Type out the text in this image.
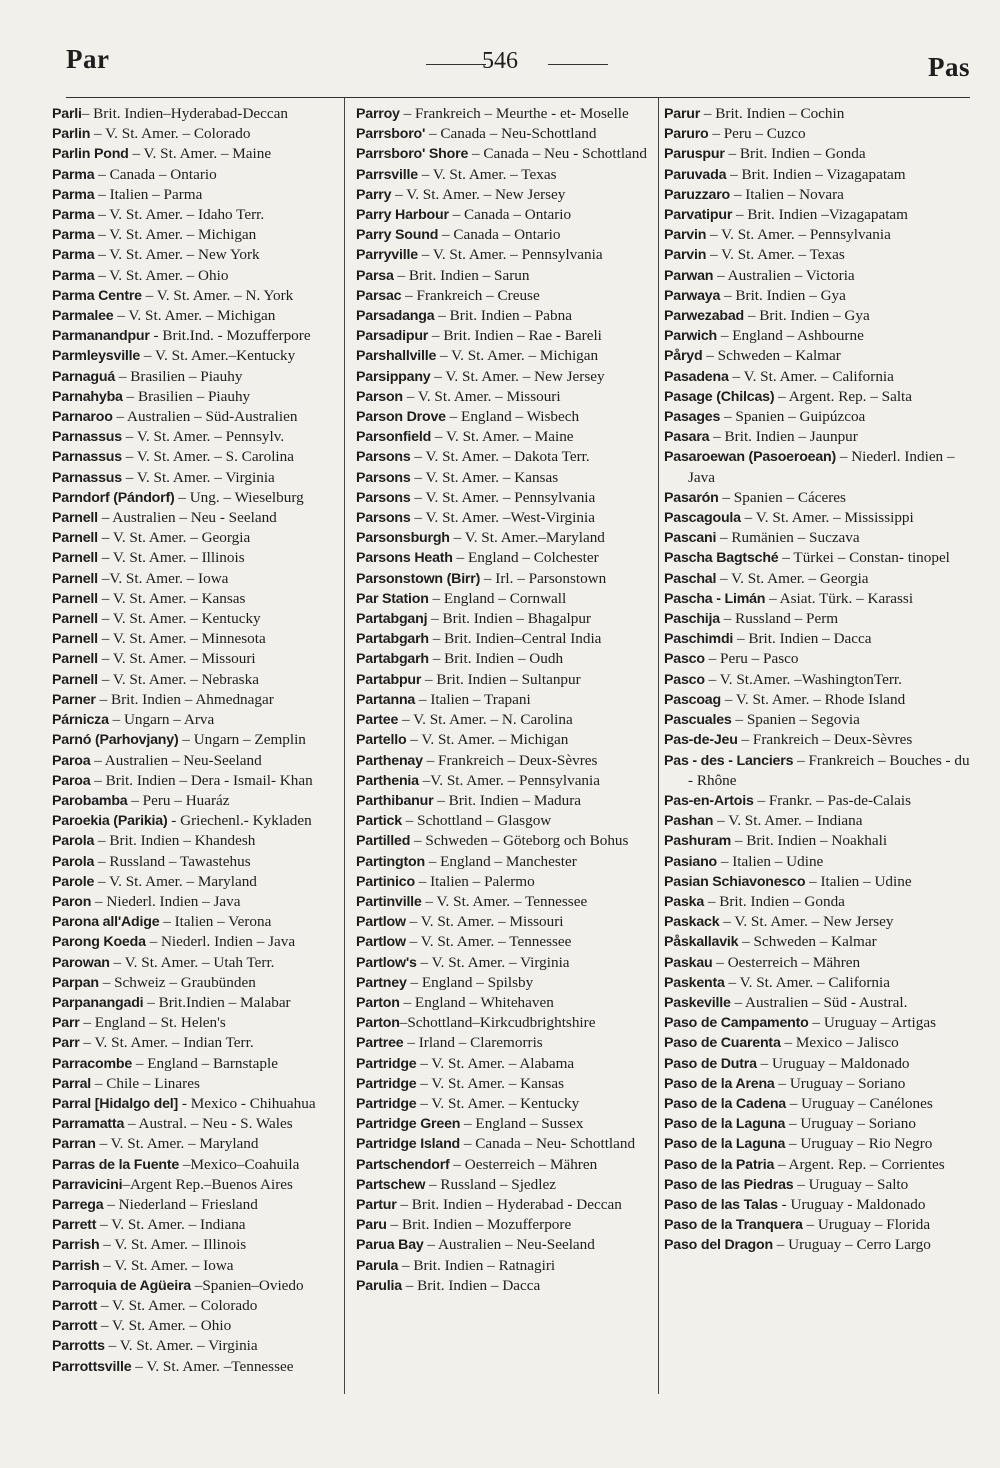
Par	546	Pas

Parli– Brit. Indien–Hyderabad-Deccan

Parlin – V. St. Amer. – Colorado

Parlin Pond – V. St. Amer. – Maine

Parma – Canada – Ontario

Parma – Italien – Parma

Parma – V. St. Amer. – Idaho Terr.

Parma – V. St. Amer. – Michigan

Parma – V. St. Amer. – New York

Parma – V. St. Amer. – Ohio

Parma Centre – V. St. Amer. – N. York

Parmalee – V. St. Amer. – Michigan

Parmanandpur - Brit.Ind. - Mozufferpore

Parmleysville – V. St. Amer.–Kentucky

Parnaguá – Brasilien – Piauhy

Parnahyba – Brasilien – Piauhy

Parnaroo – Australien – Süd-Australien

Parnassus – V. St. Amer. – Pennsylv.

Parnassus – V. St. Amer. – S. Carolina

Parnassus – V. St. Amer. – Virginia

Parndorf (Pándorf) – Ung. – Wieselburg

Parnell – Australien – Neu - Seeland

Parnell – V. St. Amer. – Georgia

Parnell – V. St. Amer. – Illinois

Parnell –V. St. Amer. – Iowa

Parnell – V. St. Amer. – Kansas

Parnell – V. St. Amer. – Kentucky

Parnell – V. St. Amer. – Minnesota

Parnell – V. St. Amer. – Missouri

Parnell – V. St. Amer. – Nebraska

Parner – Brit. Indien – Ahmednagar

Párnicza – Ungarn – Arva

Parnó (Parhovjany) – Ungarn – Zemplin

Paroa – Australien – Neu-Seeland

Paroa – Brit. Indien – Dera - Ismail- Khan

Parobamba – Peru – Huaráz

Paroekia (Parikia) - Griechenl.- Kykladen

Parola – Brit. Indien – Khandesh

Parola – Russland – Tawastehus

Parole – V. St. Amer. – Maryland

Paron – Niederl. Indien – Java

Parona all'Adige – Italien – Verona

Parong Koeda – Niederl. Indien – Java

Parowan – V. St. Amer. – Utah Terr.

Parpan – Schweiz – Graubünden

Parpanangadi – Brit.Indien – Malabar

Parr – England – St. Helen's

Parr – V. St. Amer. – Indian Terr.

Parracombe – England – Barnstaple

Parral – Chile – Linares

Parral [Hidalgo del] - Mexico - Chihuahua

Parramatta – Austral. – Neu - S. Wales

Parran – V. St. Amer. – Maryland

Parras de la Fuente –Mexico–Coahuila

Parravicini–Argent Rep.–Buenos Aires

Parrega – Niederland – Friesland

Parrett – V. St. Amer. – Indiana

Parrish – V. St. Amer. – Illinois

Parrish – V. St. Amer. – Iowa

Parroquia de Agüeira –Spanien–Oviedo

Parrott – V. St. Amer. – Colorado

Parrott – V. St. Amer. – Ohio

Parrotts – V. St. Amer. – Virginia

Parrottsville – V. St. Amer. –Tennessee

Parroy – Frankreich – Meurthe - et- Moselle

Parrsboro' – Canada – Neu-Schottland

Parrsboro' Shore – Canada – Neu - Schottland

Parrsville – V. St. Amer. – Texas

Parry – V. St. Amer. – New Jersey

Parry Harbour – Canada – Ontario

Parry Sound – Canada – Ontario

Parryville – V. St. Amer. – Pennsylvania

Parsa – Brit. Indien – Sarun

Parsac – Frankreich – Creuse

Parsadanga – Brit. Indien – Pabna

Parsadipur – Brit. Indien – Rae - Bareli

Parshallville – V. St. Amer. – Michigan

Parsippany – V. St. Amer. – New Jersey

Parson – V. St. Amer. – Missouri

Parson Drove – England – Wisbech

Parsonfield – V. St. Amer. – Maine

Parsons – V. St. Amer. – Dakota Terr.

Parsons – V. St. Amer. – Kansas

Parsons – V. St. Amer. – Pennsylvania

Parsons – V. St. Amer. –West-Virginia

Parsonsburgh – V. St. Amer.–Maryland

Parsons Heath – England – Colchester

Parsonstown (Birr) – Irl. – Parsonstown

Par Station – England – Cornwall

Partabganj – Brit. Indien – Bhagalpur

Partabgarh – Brit. Indien–Central India

Partabgarh – Brit. Indien – Oudh

Partabpur – Brit. Indien – Sultanpur

Partanna – Italien – Trapani

Partee – V. St. Amer. – N. Carolina

Partello – V. St. Amer. – Michigan

Parthenay – Frankreich – Deux-Sèvres

Parthenia –V. St. Amer. – Pennsylvania

Parthibanur – Brit. Indien – Madura

Partick – Schottland – Glasgow

Partilled – Schweden – Göteborg och Bohus

Partington – England – Manchester

Partinico – Italien – Palermo

Partinville – V. St. Amer. – Tennessee

Partlow – V. St. Amer. – Missouri

Partlow – V. St. Amer. – Tennessee

Partlow's – V. St. Amer. – Virginia

Partney – England – Spilsby

Parton – England – Whitehaven

Parton–Schottland–Kirkcudbrightshire

Partree – Irland – Claremorris

Partridge – V. St. Amer. – Alabama

Partridge – V. St. Amer. – Kansas

Partridge – V. St. Amer. – Kentucky

Partridge Green – England – Sussex

Partridge Island – Canada – Neu- Schottland

Partschendorf – Oesterreich – Mähren

Partschew – Russland – Sjedlez

Partur – Brit. Indien – Hyderabad - Deccan

Paru – Brit. Indien – Mozufferpore

Parua Bay – Australien – Neu-Seeland

Parula – Brit. Indien – Ratnagiri

Parulia – Brit. Indien – Dacca

Parur – Brit. Indien – Cochin

Paruro – Peru – Cuzco

Paruspur – Brit. Indien – Gonda

Paruvada – Brit. Indien – Vizagapatam

Paruzzaro – Italien – Novara

Parvatipur – Brit. Indien –Vizagapatam

Parvin – V. St. Amer. – Pennsylvania

Parvin – V. St. Amer. – Texas

Parwan – Australien – Victoria

Parwaya – Brit. Indien – Gya

Parwezabad – Brit. Indien – Gya

Parwich – England – Ashbourne

Påryd – Schweden – Kalmar

Pasadena – V. St. Amer. – California

Pasage (Chilcas) – Argent. Rep. – Salta

Pasages – Spanien – Guipúzcoa

Pasara – Brit. Indien – Jaunpur

Pasaroewan (Pasoeroean) – Niederl. Indien – Java

Pasarón – Spanien – Cáceres

Pascagoula – V. St. Amer. – Mississippi

Pascani – Rumänien – Suczava

Pascha Bagtsché – Türkei – Constan- tinopel

Paschal – V. St. Amer. – Georgia

Pascha - Limán – Asiat. Türk. – Karassi

Paschija – Russland – Perm

Paschimdi – Brit. Indien – Dacca

Pasco – Peru – Pasco

Pasco – V. St.Amer. –WashingtonTerr.

Pascoag – V. St. Amer. – Rhode Island

Pascuales – Spanien – Segovia

Pas-de-Jeu – Frankreich – Deux-Sèvres

Pas - des - Lanciers – Frankreich – Bouches - du - Rhône

Pas-en-Artois – Frankr. – Pas-de-Calais

Pashan – V. St. Amer. – Indiana

Pashuram – Brit. Indien – Noakhali

Pasiano – Italien – Udine

Pasian Schiavonesco – Italien – Udine

Paska – Brit. Indien – Gonda

Paskack – V. St. Amer. – New Jersey

Påskallavik – Schweden – Kalmar

Paskau – Oesterreich – Mähren

Paskenta – V. St. Amer. – California

Paskeville – Australien – Süd - Austral.

Paso de Campamento – Uruguay – Artigas

Paso de Cuarenta – Mexico – Jalisco

Paso de Dutra – Uruguay – Maldonado

Paso de la Arena – Uruguay – Soriano

Paso de la Cadena – Uruguay – Canélones

Paso de la Laguna – Uruguay – Soriano

Paso de la Laguna – Uruguay – Rio Negro

Paso de la Patria – Argent. Rep. – Corrientes

Paso de las Piedras – Uruguay – Salto

Paso de las Talas - Uruguay - Maldonado

Paso de la Tranquera – Uruguay – Florida

Paso del Dragon – Uruguay – Cerro Largo
